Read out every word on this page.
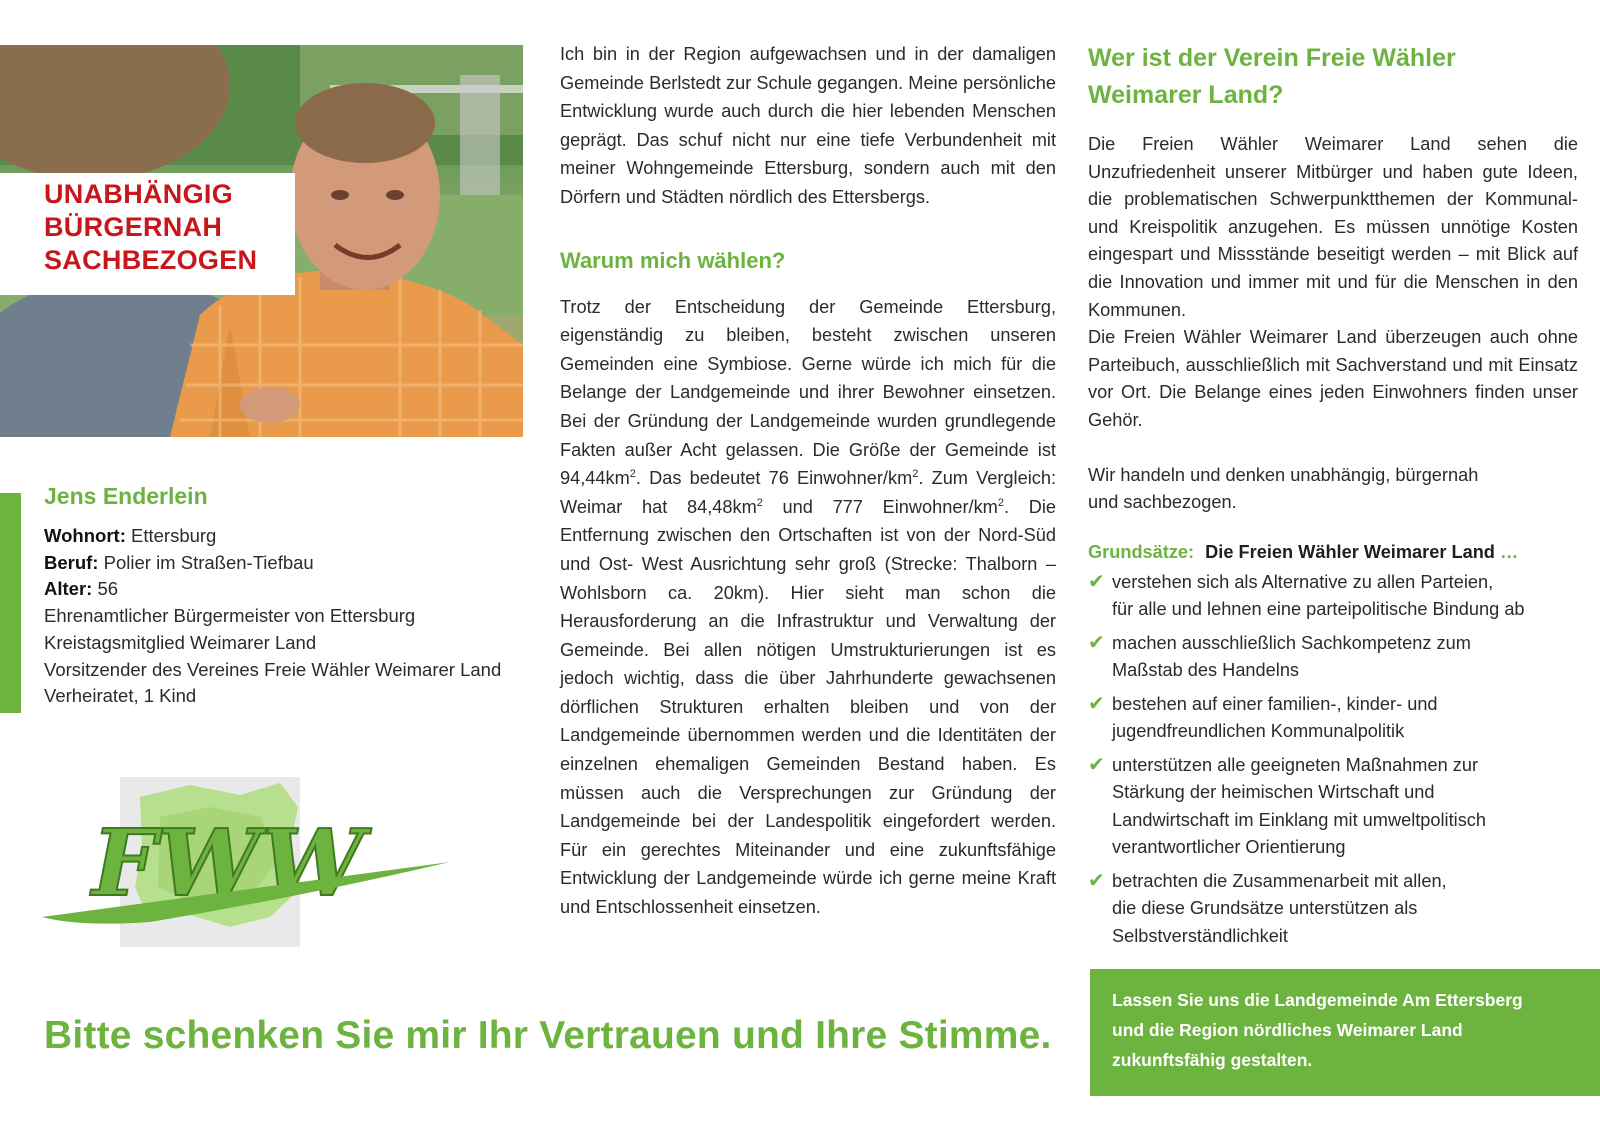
UNABHÄNGIG
BÜRGERNAH
SACHBEZOGEN
Jens Enderlein
Wohnort: Ettersburg
Beruf: Polier im Straßen-Tiefbau
Alter: 56
Ehrenamtlicher Bürgermeister von Ettersburg
Kreistagsmitglied Weimarer Land
Vorsitzender des Vereines Freie Wähler Weimarer Land
Verheiratet, 1 Kind
FWW
Bitte schenken Sie mir Ihr Vertrauen und Ihre Stimme.

Ich bin in der Region aufgewachsen und in der damaligen Gemeinde Berlstedt zur Schule gegangen. Meine persönliche Entwicklung wurde auch durch die hier lebenden Menschen geprägt. Das schuf nicht nur eine tiefe Verbundenheit mit meiner Wohngemeinde Ettersburg, sondern auch mit den Dörfern und Städten nördlich des Ettersbergs.

Warum mich wählen?

Trotz der Entscheidung der Gemeinde Ettersburg, eigenständig zu bleiben, besteht zwischen unseren Gemeinden eine Symbiose. Gerne würde ich mich für die Belange der Landgemeinde und ihrer Bewohner einsetzen. Bei der Gründung der Landgemeinde wurden grundlegende Fakten außer Acht gelassen. Die Größe der Gemeinde ist $94,44km^2$. Das bedeutet 76 Einwohner/$km^2$. Zum Vergleich: Weimar hat $84,48km^2$ und 777 Einwohner/$km^2$. Die Entfernung zwischen den Ortschaften ist von der Nord-Süd und Ost- West Ausrichtung sehr groß (Strecke: Thalborn – Wohlsborn ca. 20km). Hier sieht man schon die Herausforderung an die Infrastruktur und Verwaltung der Gemeinde. Bei allen nötigen Umstrukturierungen ist es jedoch wichtig, dass die über Jahrhunderte gewachsenen dörflichen Strukturen erhalten bleiben und von der Landgemeinde übernommen werden und die Identitäten der einzelnen ehemaligen Gemeinden Bestand haben. Es müssen auch die Versprechungen zur Gründung der Landgemeinde bei der Landespolitik eingefordert werden. Für ein gerechtes Miteinander und eine zukunftsfähige Entwicklung der Landgemeinde würde ich gerne meine Kraft und Entschlossenheit einsetzen.

Wer ist der Verein Freie Wähler
Weimarer Land?

Die Freien Wähler Weimarer Land sehen die Unzufriedenheit unserer Mitbürger und haben gute Ideen, die problematischen Schwerpunktthemen der Kommunal- und Kreispolitik anzugehen. Es müssen unnötige Kosten eingespart und Missstände beseitigt werden – mit Blick auf die Innovation und immer mit und für die Menschen in den Kommunen.

Die Freien Wähler Weimarer Land überzeugen auch ohne Parteibuch, ausschließlich mit Sachverstand und mit Einsatz vor Ort. Die Belange eines jeden Einwohners finden unser Gehör.

Wir handeln und denken unabhängig, bürgernah
und sachbezogen.

Grundsätze: Die Freien Wähler Weimarer Land …
✔ verstehen sich als Alternative zu allen Parteien,
für alle und lehnen eine parteipolitische Bindung ab
✔ machen ausschließlich Sachkompetenz zum
Maßstab des Handelns
✔ bestehen auf einer familien-, kinder- und
jugendfreundlichen Kommunalpolitik
✔ unterstützen alle geeigneten Maßnahmen zur
Stärkung der heimischen Wirtschaft und
Landwirtschaft im Einklang mit umweltpolitisch
verantwortlicher Orientierung
✔ betrachten die Zusammenarbeit mit allen,
die diese Grundsätze unterstützen als
Selbstverständlichkeit
Lassen Sie uns die Landgemeinde Am Ettersberg
und die Region nördliches Weimarer Land
zukunftsfähig gestalten.
